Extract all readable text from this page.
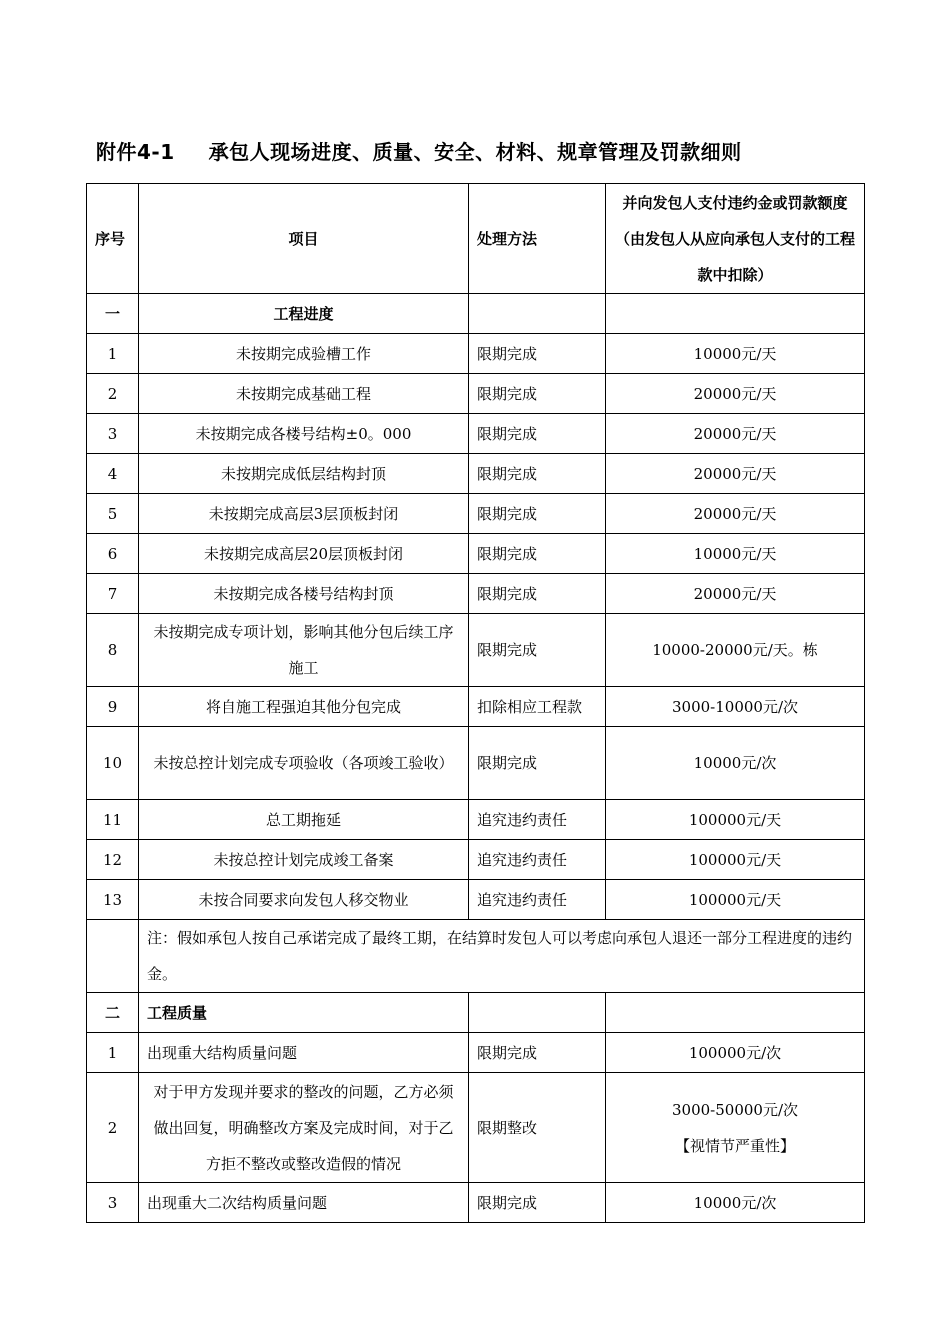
附件4-1 承包人现场进度、质量、安全、材料、规章管理及罚款细则
序号	项目	处理方法	并向发包人支付违约金或罚款额度（由发包人从应向承包人支付的工程款中扣除）
一	工程进度		
1	未按期完成验槽工作	限期完成	10000元/天
2	未按期完成基础工程	限期完成	20000元/天
3	未按期完成各楼号结构±0。000	限期完成	20000元/天
4	未按期完成低层结构封顶	限期完成	20000元/天
5	未按期完成高层3层顶板封闭	限期完成	20000元/天
6	未按期完成高层20层顶板封闭	限期完成	10000元/天
7	未按期完成各楼号结构封顶	限期完成	20000元/天
8	未按期完成专项计划，影响其他分包后续工序施工	限期完成	10000-20000元/天。栋
9	将自施工程强迫其他分包完成	扣除相应工程款	3000-10000元/次
10	未按总控计划完成专项验收（各项竣工验收）	限期完成	10000元/次
11	总工期拖延	追究违约责任	100000元/天
12	未按总控计划完成竣工备案	追究违约责任	100000元/天
13	未按合同要求向发包人移交物业	追究违约责任	100000元/天
	注：假如承包人按自己承诺完成了最终工期，在结算时发包人可以考虑向承包人退还一部分工程进度的违约金。		
二	工程质量		
1	出现重大结构质量问题	限期完成	100000元/次
2	对于甲方发现并要求的整改的问题，乙方必须做出回复，明确整改方案及完成时间，对于乙方拒不整改或整改造假的情况	限期整改	3000-50000元/次
【视情节严重性】

3	出现重大二次结构质量问题	限期完成	10000元/次
